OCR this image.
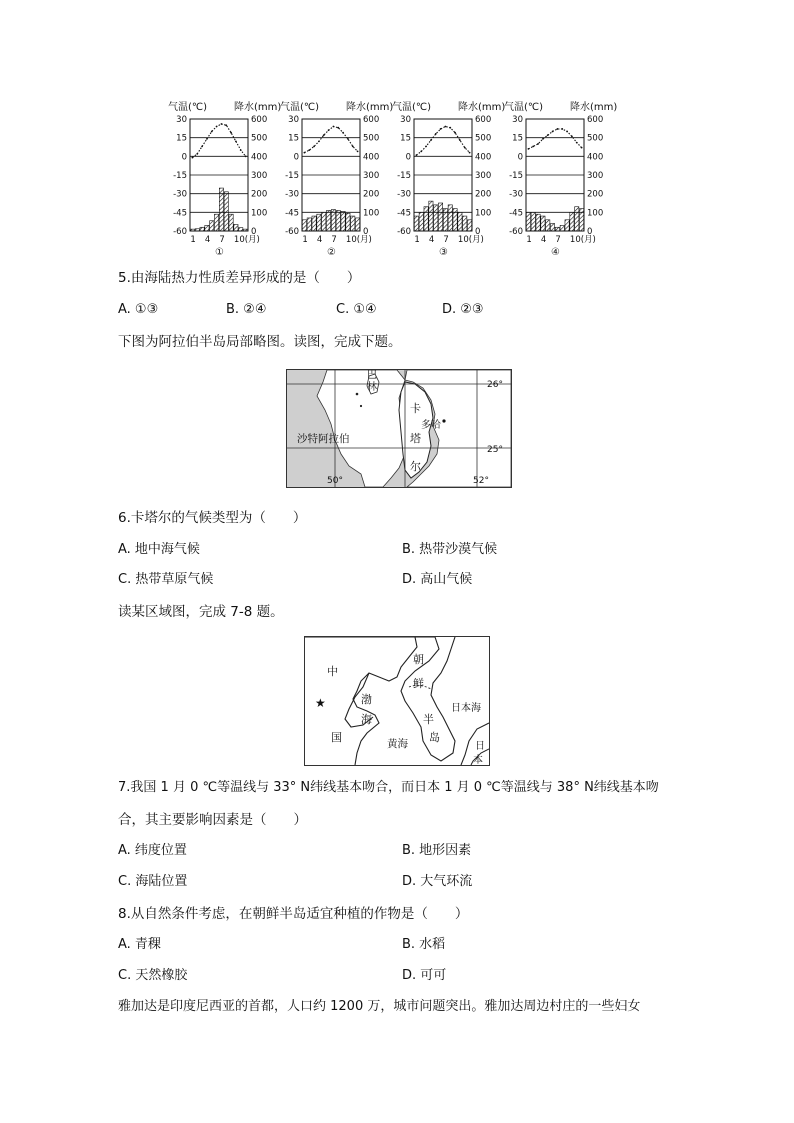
气温(℃)	降水(mm)
30	600
15	500
0	400
-15	300
-30	200
-45	100
-60	0
1 4 7 10(月)
①
气温(℃)	降水(mm)
30	600
15	500
0	400
-15	300
-30	200
-45	100
-60	0
1 4 7 10(月)
②
气温(℃)	降水(mm)
30	600
15	500
0	400
-15	300
-30	200
-45	100
-60	0
1 4 7 10(月)
③
气温(℃)	降水(mm)
30	600
15	500
0	400
-15	300
-30	200
-45	100
-60	0
1 4 7 10(月)
④
5.由海陆热力性质差异形成的是（　　）
A. ①③	B. ②④	C. ①④	D. ②③
下图为阿拉伯半岛局部略图。读图，完成下题。
巴
林
卡
塔
尔
多哈
沙特阿拉伯
26°
25°
50°	52°
6.卡塔尔的气候类型为（　　）
A. 地中海气候	B. 热带沙漠气候
C. 热带草原气候	D. 高山气候
读某区域图，完成 7-8 题。
中
国
★	渤
海
朝
鲜
半
岛
日本海
黄海	日
本
7.我国 1 月 0 ℃等温线与 33° N纬线基本吻合，而日本 1 月 0 ℃等温线与 38° N纬线基本吻
合，其主要影响因素是（　　）
A. 纬度位置	B. 地形因素
C. 海陆位置	D. 大气环流
8.从自然条件考虑，在朝鲜半岛适宜种植的作物是（　　）
A. 青稞	B. 水稻
C. 天然橡胶	D. 可可
雅加达是印度尼西亚的首都，人口约 1200 万，城市问题突出。雅加达周边村庄的一些妇女
